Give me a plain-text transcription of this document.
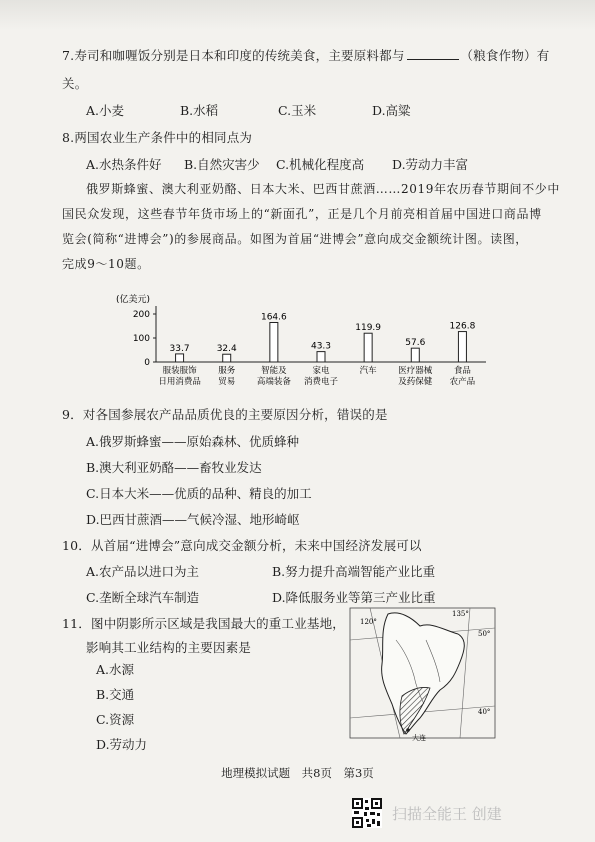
7.寿司和咖喱饭分别是日本和印度的传统美食，主要原料都与	（粮食作物）有
关。
A.小麦	B.水稻	C.玉米	D.高粱
8.两国农业生产条件中的相同点为
A.水热条件好 B.自然灾害少 C.机械化程度高 D.劳动力丰富
俄罗斯蜂蜜、澳大利亚奶酪、日本大米、巴西甘蔗酒……2019年农历春节期间不少中
国民众发现，这些春节年货市场上的“新面孔”，正是几个月前亮相首届中国进口商品博
览会(简称“进博会”)的参展商品。如图为首届“进博会”意向成交金额统计图。读图，
完成9～10题。
(亿美元)
0
100
200
33.7
服装服饰
日用消费品
32.4
服务
贸易
164.6
智能及
高端装备
43.3
家电
消费电子
119.9
汽车
57.6
医疗器械
及药保健
126.8
食品
农产品
9．对各国参展农产品品质优良的主要原因分析，错误的是
A.俄罗斯蜂蜜——原始森林、优质蜂种
B.澳大利亚奶酪——畜牧业发达
C.日本大米——优质的品种、精良的加工
D.巴西甘蔗酒——气候冷湿、地形崎岖
10．从首届“进博会”意向成交金额分析，未来中国经济发展可以
A.农产品以进口为主	B.努力提升高端智能产业比重
C.垄断全球汽车制造	D.降低服务业等第三产业比重
11．图中阴影所示区域是我国最大的重工业基地，
影响其工业结构的主要因素是
A.水源
B.交通
C.资源
D.劳动力
135°
50°
120°
40°
大连
地理模拟试题　共8页　第3页
扫描全能王 创建
